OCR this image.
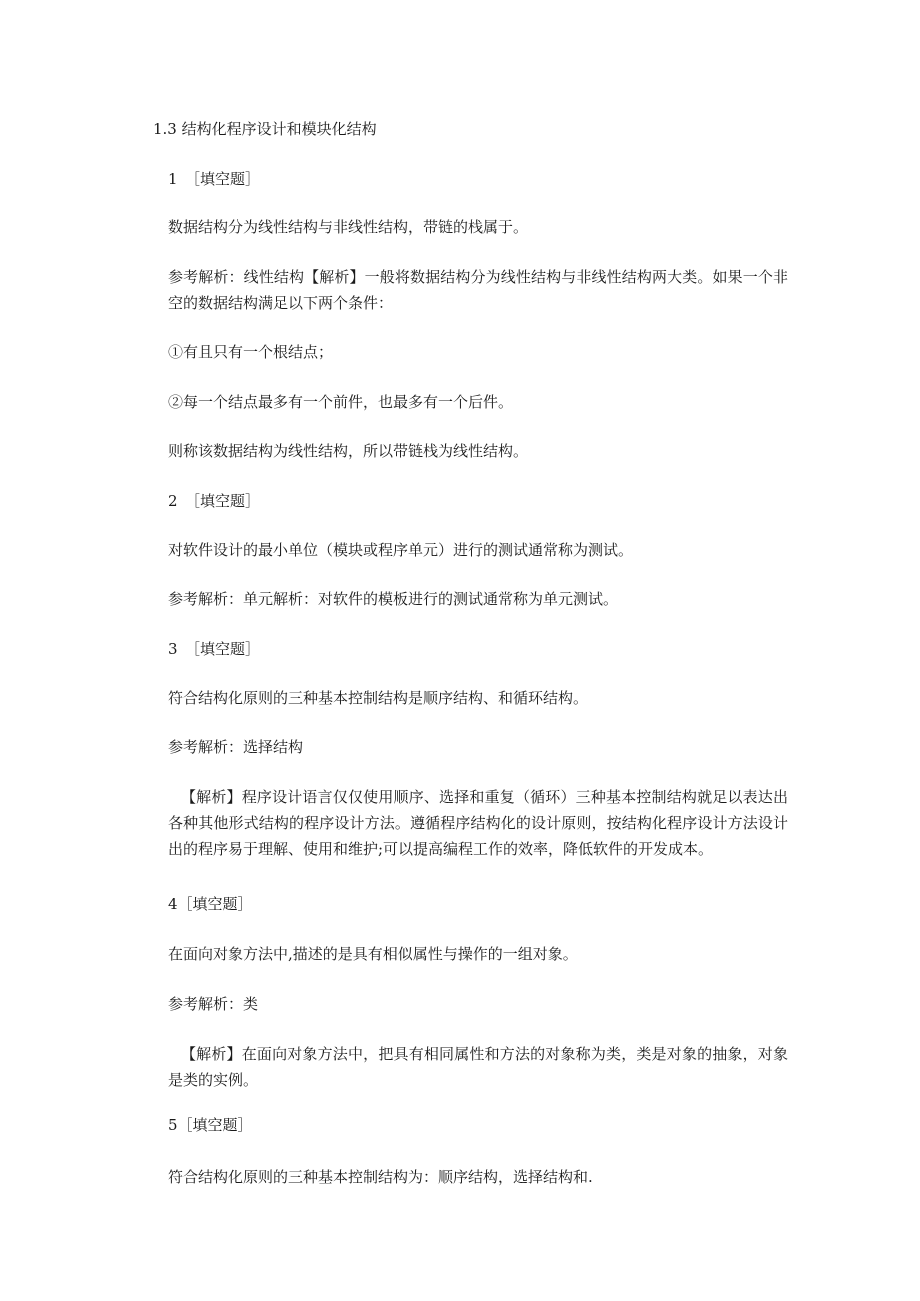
1.3 结构化程序设计和模块化结构

1　［填空题］

数据结构分为线性结构与非线性结构，带链的栈属于。

参考解析：线性结构【解析】一般将数据结构分为线性结构与非线性结构两大类。如果一个非空的数据结构满足以下两个条件：

①有且只有一个根结点；

②每一个结点最多有一个前件，也最多有一个后件。

则称该数据结构为线性结构，所以带链栈为线性结构。

2　［填空题］

对软件设计的最小单位（模块或程序单元）进行的测试通常称为测试。

参考解析：单元解析：对软件的模板进行的测试通常称为单元测试。

3　［填空题］

符合结构化原则的三种基本控制结构是顺序结构、和循环结构。

参考解析：选择结构

【解析】程序设计语言仅仅使用顺序、选择和重复（循环）三种基本控制结构就足以表达出各种其他形式结构的程序设计方法。遵循程序结构化的设计原则，按结构化程序设计方法设计出的程序易于理解、使用和维护;可以提高编程工作的效率，降低软件的开发成本。

4［填空题］

在面向对象方法中,描述的是具有相似属性与操作的一组对象。

参考解析：类

【解析】在面向对象方法中，把具有相同属性和方法的对象称为类，类是对象的抽象，对象是类的实例。

5［填空题］

符合结构化原则的三种基本控制结构为：顺序结构，选择结构和.
